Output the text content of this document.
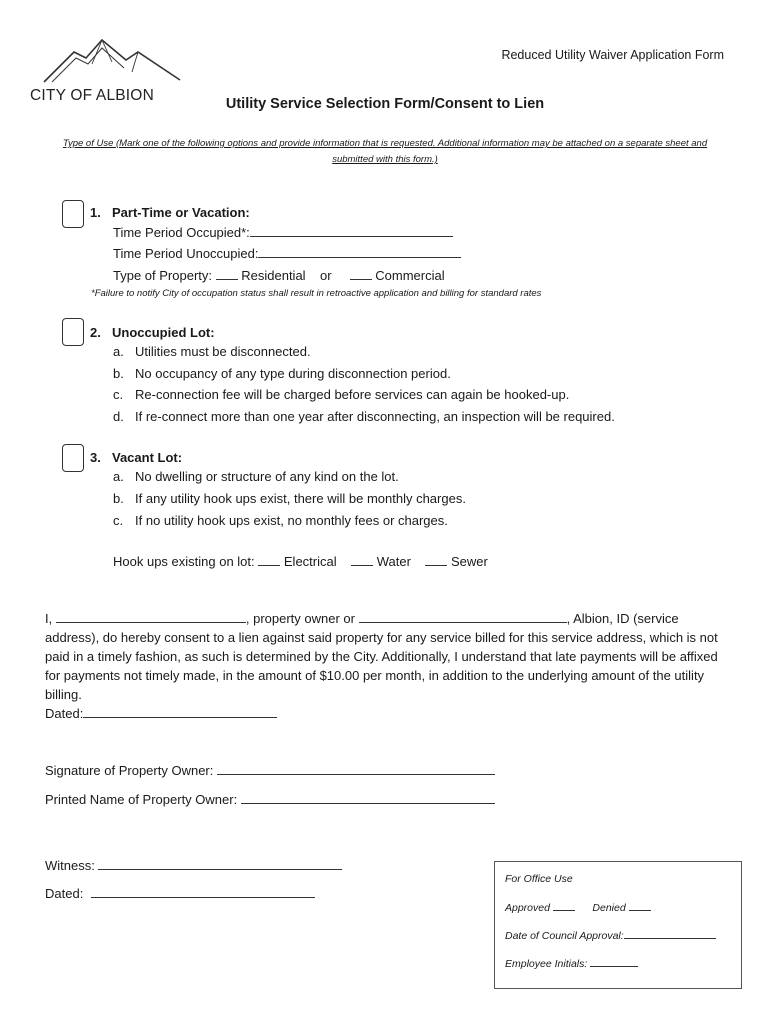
CITY OF ALBION
Reduced Utility Waiver Application Form
Utility Service Selection Form/Consent to Lien
Type of Use (Mark one of the following options and provide information that is requested. Additional information may be attached on a separate sheet and submitted with this form.)
1. Part-Time or Vacation:
Time Period Occupied*:
Time Period Unoccupied:
Type of Property: Residential or	Commercial
*Failure to notify City of occupation status shall result in retroactive application and billing for standard rates
2. Unoccupied Lot:
a. Utilities must be disconnected.
b. No occupancy of any type during disconnection period.
c. Re-connection fee will be charged before services can again be hooked-up.
d. If re-connect more than one year after disconnecting, an inspection will be required.
3. Vacant Lot:
a. No dwelling or structure of any kind on the lot.
b. If any utility hook ups exist, there will be monthly charges.
c. If no utility hook ups exist, no monthly fees or charges.
Hook ups existing on lot: Electrical	Water	Sewer
I,	, property owner or	, Albion, ID (service address), do hereby consent to a lien against said property for any service billed for this service address, which is not paid in a timely fashion, as such is determined by the City. Additionally, I understand that late payments will be affixed for payments not timely made, in the amount of $10.00 per month, in addition to the underlying amount of the utility billing.
Dated:
Signature of Property Owner:
Printed Name of Property Owner:
Witness:
Dated:
For Office Use
Approved	Denied
Date of Council Approval:
Employee Initials:
